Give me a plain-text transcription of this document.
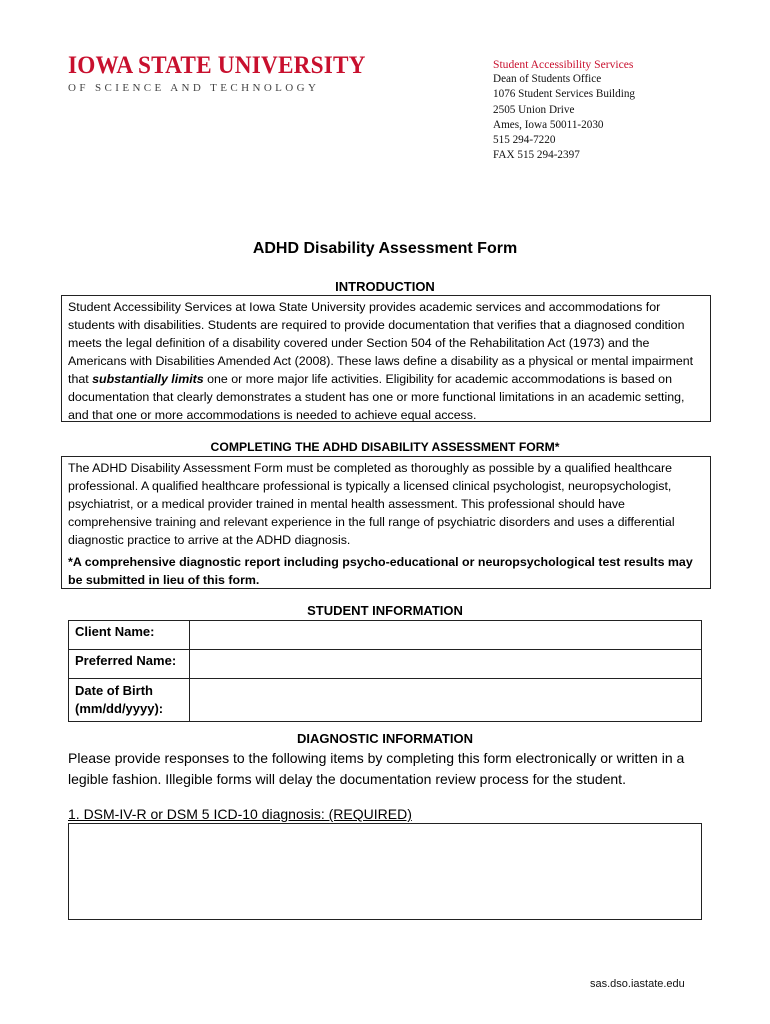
IOWA STATE UNIVERSITY
OF SCIENCE AND TECHNOLOGY
Student Accessibility Services
Dean of Students Office
1076 Student Services Building
2505 Union Drive
Ames, Iowa 50011-2030
515 294-7220
FAX 515 294-2397
ADHD Disability Assessment Form
INTRODUCTION

Student Accessibility Services at Iowa State University provides academic services and accommodations for students with disabilities. Students are required to provide documentation that verifies that a diagnosed condition meets the legal definition of a disability covered under Section 504 of the Rehabilitation Act (1973) and the Americans with Disabilities Amended Act (2008). These laws define a disability as a physical or mental impairment that substantially limits one or more major life activities. Eligibility for academic accommodations is based on documentation that clearly demonstrates a student has one or more functional limitations in an academic setting, and that one or more accommodations is needed to achieve equal access.

COMPLETING THE ADHD DISABILITY ASSESSMENT FORM*

The ADHD Disability Assessment Form must be completed as thoroughly as possible by a qualified healthcare professional. A qualified healthcare professional is typically a licensed clinical psychologist, neuropsychologist, psychiatrist, or a medical provider trained in mental health assessment. This professional should have comprehensive training and relevant experience in the full range of psychiatric disorders and uses a differential diagnostic practice to arrive at the ADHD diagnosis.

*A comprehensive diagnostic report including psycho-educational or neuropsychological test results may be submitted in lieu of this form.

STUDENT INFORMATION
Client Name:	
Preferred Name:	
Date of Birth (mm/dd/yyyy):	
DIAGNOSTIC INFORMATION
Please provide responses to the following items by completing this form electronically or written in a legible fashion. Illegible forms will delay the documentation review process for the student.
1. DSM-IV-R or DSM 5 ICD-10 diagnosis: (REQUIRED)
sas.dso.iastate.edu
